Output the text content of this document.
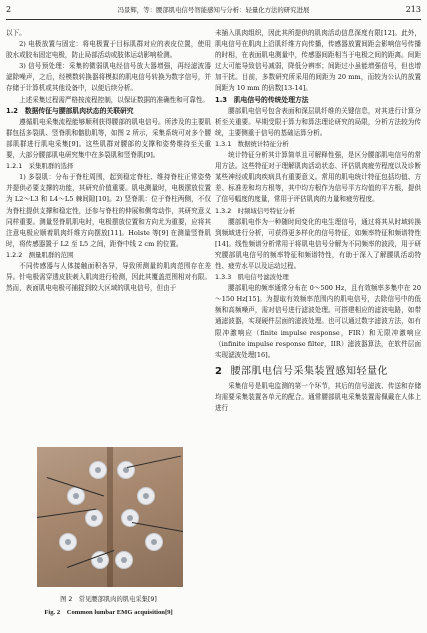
2	冯景辉，等：腰部肌电信号智能感知与分析：轻量化方法的研究进展	213

以下。

2) 电极放置与固定：将电极置于目标肌群对应的表皮位置，使用胶水或胶布固定电极，防止局部活动或肢体运动影响检测。

3) 信号预处理：采集的微弱肌电经信号放大器增强，再经滤波器滤除噪声，之后，经模数转换器将模拟的肌电信号转换为数字信号，并存储于计算机或其他设备中，以便后续分析。

上述采集过程需严格按流程控制，以保证数据的准确性和可靠性。

1.2　数据传征与腰部肌肉状态的关联研究

遵循肌电采集流程能够顺利获得腰部的肌电信号。所涉及的主要肌群包括多裂肌、竖脊肌和髂肋肌等，如图 2 所示，采集系统可对多个腰部肌群进行肌电采集[9]。这些肌群对腰部的支撑和姿势维持至关重要，大部分腰部肌电研究集中在多裂肌和竖脊肌[9]。

1.2.1　采集肌群的选择

1) 多裂肌：分布于脊柱周围，起到稳定脊柱、维持脊柱正常姿势并提供必要支撑的功能，其研究价值重要。肌电测量时，电极摆放位置为 L2～L3 和 L4～L5 棘间隙[10]。2) 竖脊肌：位于脊柱两侧，不仅为脊柱提供支撑和稳定性，还参与脊柱的伸展和侧弯动作，其研究意义同样重要。测量竖脊肌肌电时，电极摆放位置和方向尤为重要，应将其注意电极应顺着肌肉纤维方向摆放[11]。Holste 等[9] 在测量竖脊肌时，将传感器置于 L2 至 L5 之间，距脊中线 2 cm 的位置。

1.2.2　测量肌群的范围

不同传感器与人体接触面积各异，导致所测量的肌肉范围存在差异。针电极需穿透皮肤刺入肌肉进行检测，因此其覆盖范围相对有限。然而，表面肌电电极可捕捉到较大区域的肌电信号，但由于

图 2　常见腰部肌肉的肌电采集[9]
Fig. 2　Common lumbar EMG acquisition[9]

未插入肌肉组织，因此其所提供的肌肉活动信息深度有限[12]。此外，肌电信号在肌肉上沿肌纤维方向传播，传感器放置间距会影响信号传播的时相，在表面肌电测量中，传感器间距相当于电极之间的距离。间距过大可能导致信号减弱，降低分辨率；间距过小虽能增强信号，但也增加干扰。目前，多数研究所采用的间距为 20 mm，而较为公认的放置间距为 10 mm 的倍数[13-14]。

1.3　肌电信号的传统处理方法

腰部肌电信号包含表面和深层肌纤维的关键信息，对其进行计算分析至关重要。早期受限于算力和算法理论研究的局限，分析方法较为传统，主要侧重于信号的基础运算分析。

1.3.1　数据统计特征分析

统计特征分析其计算简单且可解释性强，是区分腰部肌电信号的常用方法。这些特征对于理解肌肉活动状态、评估肌肉疲劳程度以及诊断某些神经或肌肉疾病具有重要意义。常用的肌电统计特征包括均值、方差、标准差和均方根等，其中均方根作为信号平方均值的平方根，提供了信号幅度的度量，常用于评估肌肉的力量和疲劳程度。

1.3.2　时频域信号特征分析

腰部肌电作为一种随时间变化的电生理信号，通过将其从时域转换到频域进行分析，可获得更多样化的信号特征，如频率特征和频谱特性[14]。线性频谱分析常用于将肌电信号分解为不同频率的波段，用于研究腰部肌电信号的频率特征和频谱特性，有助于深入了解腰肌活动特性、疲劳水平以及运动过程。

1.3.3　肌电信号滤波处理

腰部肌电的频率通常分布在 0～500 Hz，且有效频率多集中在 20～150 Hz[15]。为提取有效频率范围内的肌电信号，去除信号中的低频和高频噪声，需对信号进行滤波处理。可搭建相应的滤波电路，如带通滤波器，实现硬件层面的滤波处理。也可以通过数字滤波方法，如有限冲激响应（finite impulse response，FIR）和无限冲激响应（infinite impulse response filter，IIR）滤波器算法，在软件层面实现滤波处理[16]。

2 腰部肌电信号采集装置感知轻量化

采集信号是肌电监测的第一个环节，其后的信号滤波、传送和存储均需要采集装置各单元的配合。通常腰部肌电采集装置需佩戴在人体上进行
